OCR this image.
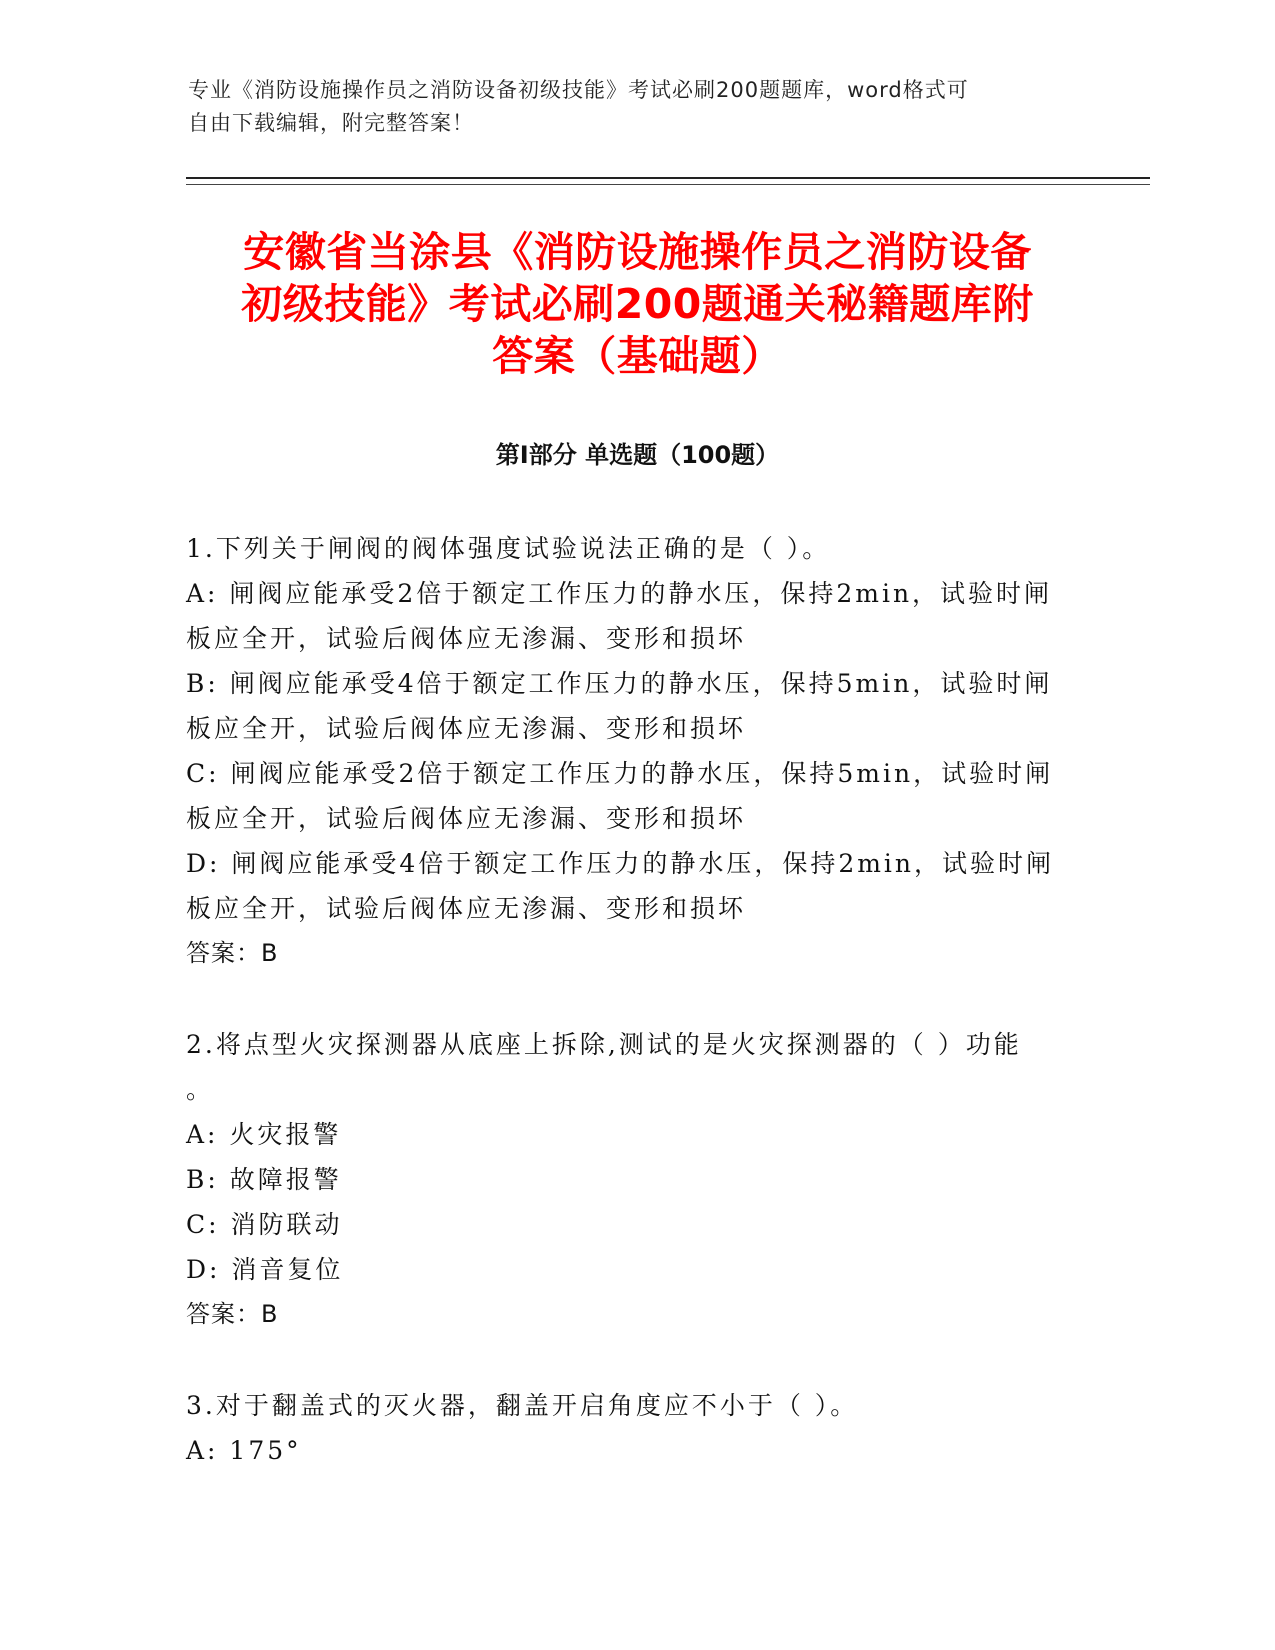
专业《消防设施操作员之消防设备初级技能》考试必刷200题题库，word格式可
自由下载编辑，附完整答案！
安徽省当涂县《消防设施操作员之消防设备
初级技能》考试必刷200题通关秘籍题库附
答案（基础题）
第Ⅰ部分 单选题（100题）
1.下列关于闸阀的阀体强度试验说法正确的是（ ）。
A: 闸阀应能承受2倍于额定工作压力的静水压，保持2min，试验时闸
板应全开，试验后阀体应无渗漏、变形和损坏
B: 闸阀应能承受4倍于额定工作压力的静水压，保持5min，试验时闸
板应全开，试验后阀体应无渗漏、变形和损坏
C: 闸阀应能承受2倍于额定工作压力的静水压，保持5min，试验时闸
板应全开，试验后阀体应无渗漏、变形和损坏
D: 闸阀应能承受4倍于额定工作压力的静水压，保持2min，试验时闸
板应全开，试验后阀体应无渗漏、变形和损坏
答案：B
2.将点型火灾探测器从底座上拆除,测试的是火灾探测器的（ ）功能
。
A: 火灾报警
B: 故障报警
C: 消防联动
D: 消音复位
答案：B
3.对于翻盖式的灭火器，翻盖开启角度应不小于（ ）。
A: 175°
